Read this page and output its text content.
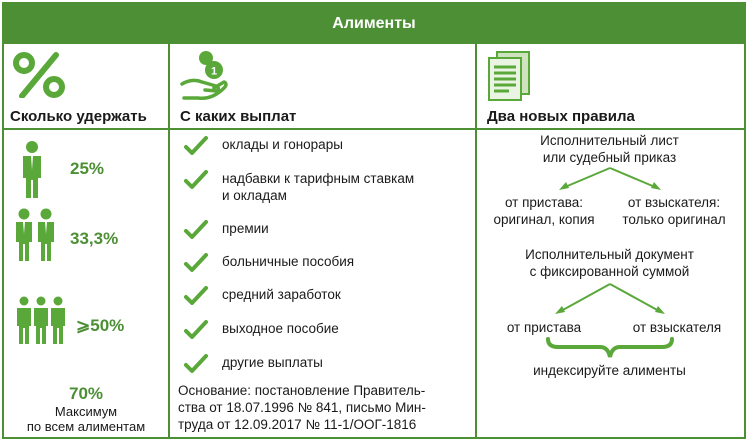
Алименты
Сколько удержать
25%
33,3%
⩾50%
70%
Максимум
по всем алиментам
1
С каких выплат
оклады и гонорары
надбавки к тарифным ставкам
и окладам
премии
больничные пособия
средний заработок
выходное пособие
другие выплаты
Основание: постановление Правитель-
ства от 18.07.1996 № 841, письмо Мин-
труда от 12.09.2017 № 11-1/ООГ-1816
Два новых правила
Исполнительный лист
или судебный приказ
от пристава:
оригинал, копия
от взыскателя:
только оригинал
Исполнительный документ
с фиксированной суммой
от пристава	от взыскателя
индексируйте алименты
